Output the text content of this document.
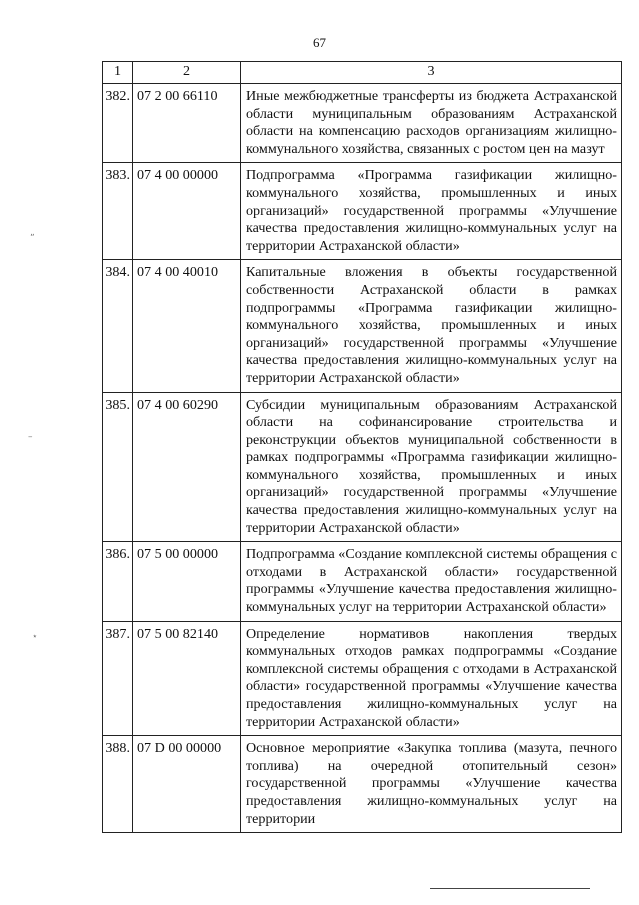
67
1	2	3
382.	07 2 00 66110	Иные межбюджетные трансферты из бюджета Астраханской области муниципальным образованиям Астраханской области на компенсацию расходов организациям жилищно-коммунального хозяйства, связанных с ростом цен на мазут
383.	07 4 00 00000	Подпрограмма «Программа газификации жилищно-коммунального хозяйства, промышленных и иных организаций» государственной программы «Улучшение качества предоставления жилищно-коммунальных услуг на территории Астраханской области»
384.	07 4 00 40010	Капитальные вложения в объекты государственной собственности Астраханской области в рамках подпрограммы «Программа газификации жилищно-коммунального хозяйства, промышленных и иных организаций» государственной программы «Улучшение качества предоставления жилищно-коммунальных услуг на территории Астраханской области»
385.	07 4 00 60290	Субсидии муниципальным образованиям Астраханской области на софинансирование строительства и реконструкции объектов муниципальной собственности в рамках подпрограммы «Программа газификации жилищно-коммунального хозяйства, промышленных и иных организаций» государственной программы «Улучшение качества предоставления жилищно-коммунальных услуг на территории Астраханской области»
386.	07 5 00 00000	Подпрограмма «Создание комплексной системы обращения с отходами в Астраханской области» государственной программы «Улучшение качества предоставления жилищно-коммунальных услуг на территории Астраханской области»
387.	07 5 00 82140	Определение нормативов накопления твердых коммунальных отходов рамках подпрограммы «Создание комплексной системы обращения с отходами в Астраханской области» государственной программы «Улучшение качества предоставления жилищно-коммунальных услуг на территории Астраханской области»
388.	07 D 00 00000	Основное мероприятие «Закупка топлива (мазута, печного топлива) на очередной отопительный сезон» государственной программы «Улучшение качества предоставления жилищно-коммунальных услуг на территории
„
–
⋆
